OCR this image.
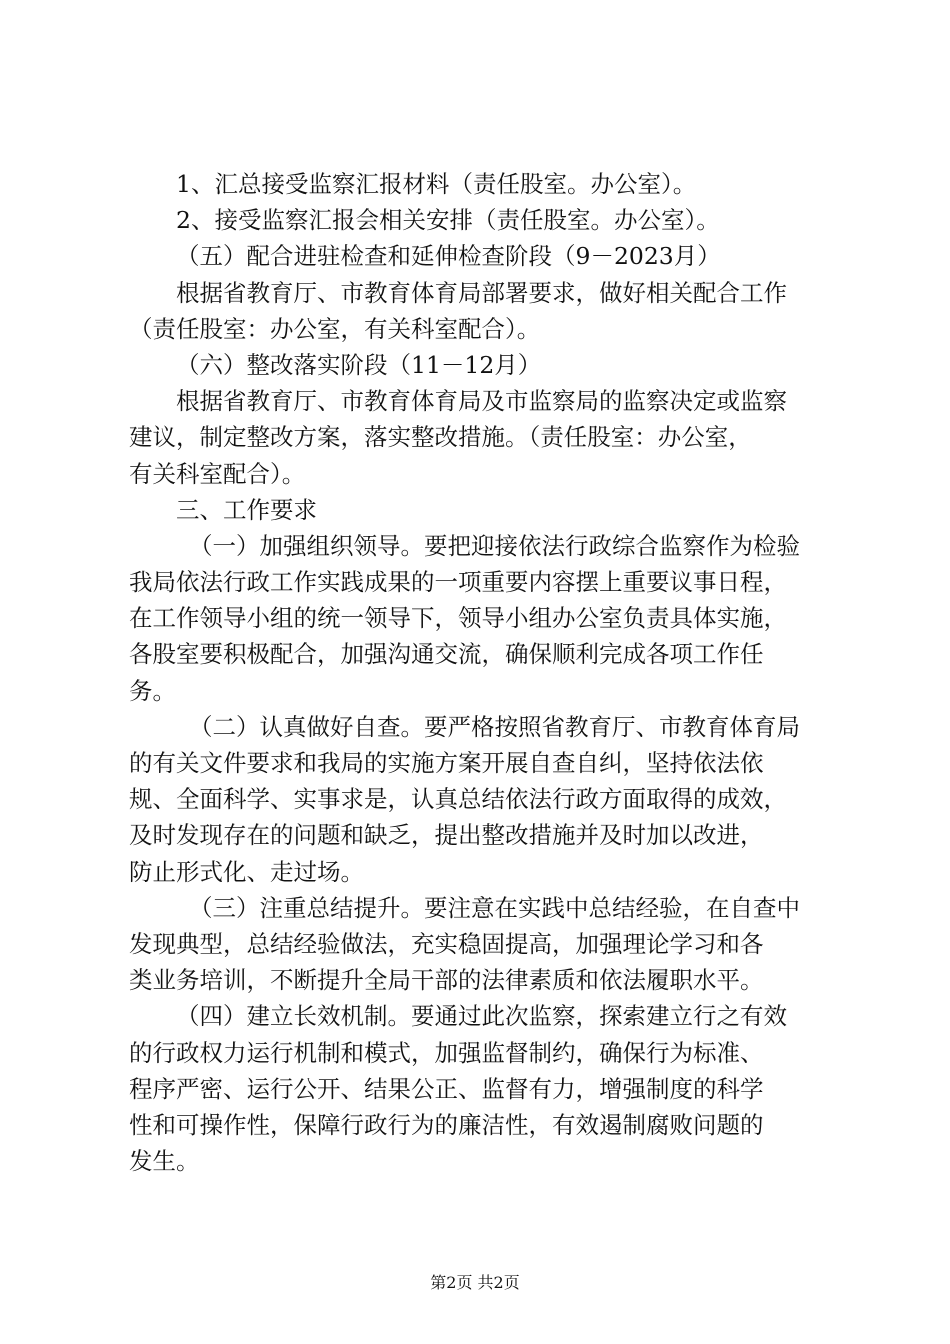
1、汇总接受监察汇报材料（责任股室。办公室）。
2、接受监察汇报会相关安排（责任股室。办公室）。
（五）配合进驻检查和延伸检查阶段（9－2023月）
根据省教育厅、市教育体育局部署要求，做好相关配合工作
（责任股室：办公室，有关科室配合）。
（六）整改落实阶段（11－12月）
根据省教育厅、市教育体育局及市监察局的监察决定或监察
建议，制定整改方案，落实整改措施。（责任股室：办公室，
有关科室配合）。
三、工作要求
（一）加强组织领导。要把迎接依法行政综合监察作为检验
我局依法行政工作实践成果的一项重要内容摆上重要议事日程，
在工作领导小组的统一领导下，领导小组办公室负责具体实施，
各股室要积极配合，加强沟通交流，确保顺利完成各项工作任
务。
（二）认真做好自查。要严格按照省教育厅、市教育体育局
的有关文件要求和我局的实施方案开展自查自纠，坚持依法依
规、全面科学、实事求是，认真总结依法行政方面取得的成效，
及时发现存在的问题和缺乏，提出整改措施并及时加以改进，
防止形式化、走过场。
（三）注重总结提升。要注意在实践中总结经验，在自查中
发现典型，总结经验做法，充实稳固提高，加强理论学习和各
类业务培训，不断提升全局干部的法律素质和依法履职水平。
（四）建立长效机制。要通过此次监察，探索建立行之有效
的行政权力运行机制和模式，加强监督制约，确保行为标准、
程序严密、运行公开、结果公正、监督有力，增强制度的科学
性和可操作性，保障行政行为的廉洁性，有效遏制腐败问题的
发生。
第2页 共2页
